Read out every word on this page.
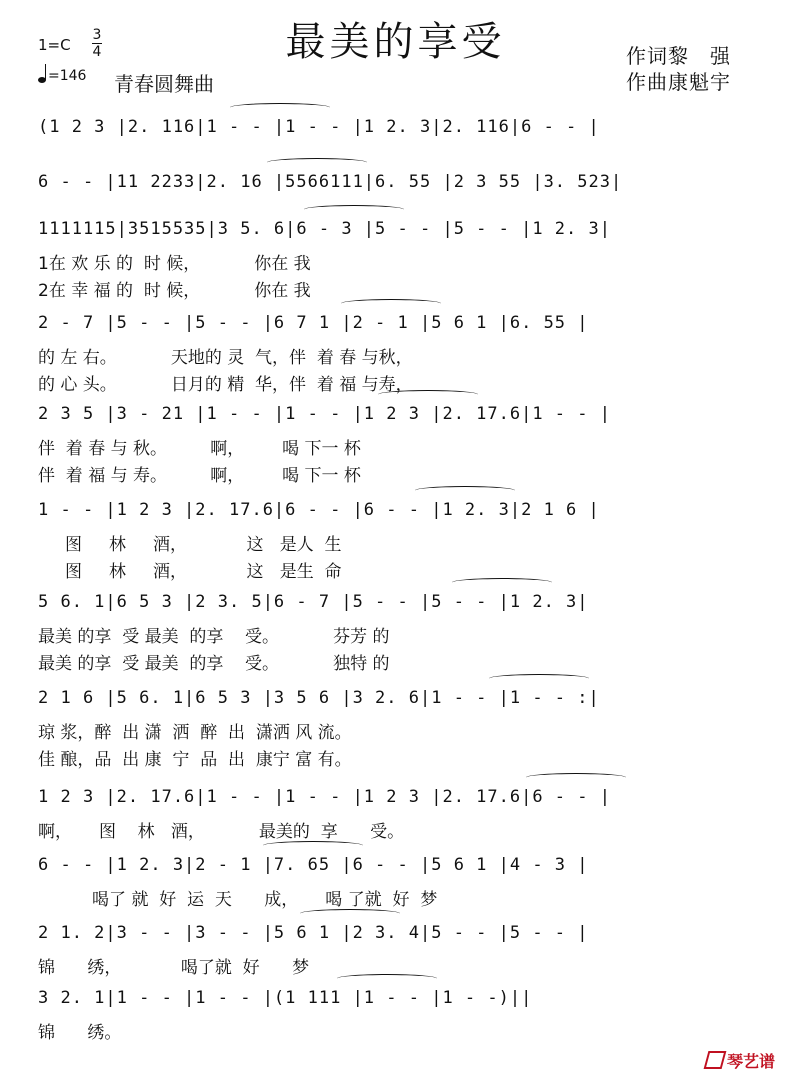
最美的享受
1=C
3
4
=146 青春圆舞曲
作词黎　强
作曲康魁宇
(1 2 3 |2. 116|1 - - |1 - - |1 2. 3|2. 116|6 - - |
6 - - |11 2233|2. 16 |5566111|6. 55 |2 3 55 |3. 523|
1111115|3515535|3 5. 6|6 - 3 |5 - - |5 - - |1 2. 3|
1在 欢 乐 的  时 候，          你在 我
2在 幸 福 的  时 候，          你在 我
2 - 7 |5 - - |5 - - |6 7 1 |2 - 1 |5 6 1 |6. 55 |
的 左 右。          天地的 灵  气，伴  着 春 与秋，
的 心 头。          日月的 精  华，伴  着 福 与寿，
2 3 5 |3 - 21 |1 - - |1 - - |1 2 3 |2. 17.6|1 - - |
伴  着 春 与 秋。        啊，       喝 下一 杯
伴  着 福 与 寿。        啊，       喝 下一 杯
1 - - |1 2 3 |2. 17.6|6 - - |6 - - |1 2. 3|2 1 6 |
图     林     酒，           这   是人  生
图     林     酒，           这   是生  命
5 6. 1|6 5 3 |2 3. 5|6 - 7 |5 - - |5 - - |1 2. 3|
最美 的享  受 最美  的享    受。          芬芳 的
最美 的享  受 最美  的享    受。          独特 的
2 1 6 |5 6. 1|6 5 3 |3 5 6 |3 2. 6|1 - - |1 - - :|
琼 浆，醉  出 潇  洒  醉  出  潇洒 风 流。
佳 酿，品  出 康  宁  品  出  康宁 富 有。
1 2 3 |2. 17.6|1 - - |1 - - |1 2 3 |2. 17.6|6 - - |
啊，     图    林   酒，          最美的  享      受。
6 - - |1 2. 3|2 - 1 |7. 65 |6 - - |5 6 1 |4 - 3 |
喝了 就  好  运  天      成，     喝 了就  好  梦
2 1. 2|3 - - |3 - - |5 6 1 |2 3. 4|5 - - |5 - - |
锦      绣，           喝了就  好      梦
3 2. 1|1 - - |1 - - |(1 111 |1 - - |1 - -)||
锦      绣。
琴艺谱
